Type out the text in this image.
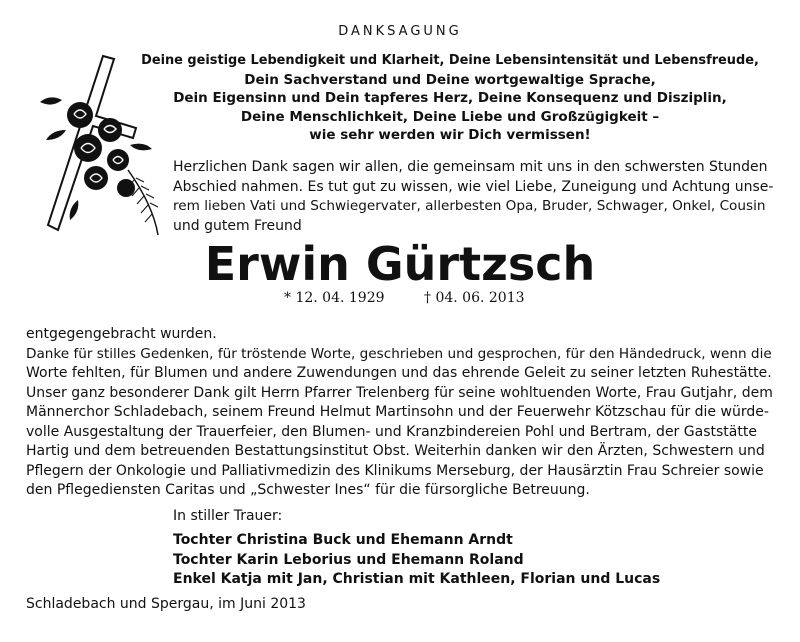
DANKSAGUNG
Deine geistige Lebendigkeit und Klarheit, Deine Lebensintensität und Lebensfreude,
Dein Sachverstand und Deine wortgewaltige Sprache,
Dein Eigensinn und Dein tapferes Herz, Deine Konsequenz und Disziplin,
Deine Menschlichkeit, Deine Liebe und Großzügigkeit –
wie sehr werden wir Dich vermissen!
Herzlichen Dank sagen wir allen, die gemeinsam mit uns in den schwersten Stunden
Abschied nahmen. Es tut gut zu wissen, wie viel Liebe, Zuneigung und Achtung unse-
rem lieben Vati und Schwiegervater, allerbesten Opa, Bruder, Schwager, Onkel, Cousin
und gutem Freund
Erwin Gürtzsch
* 12. 04. 1929	† 04. 06. 2013
entgegengebracht wurden.
Danke für stilles Gedenken, für tröstende Worte, geschrieben und gesprochen, für den Händedruck, wenn die
Worte fehlten, für Blumen und andere Zuwendungen und das ehrende Geleit zu seiner letzten Ruhestätte.
Unser ganz besonderer Dank gilt Herrn Pfarrer Trelenberg für seine wohltuenden Worte, Frau Gutjahr, dem
Männerchor Schladebach, seinem Freund Helmut Martinsohn und der Feuerwehr Kötzschau für die würde-
volle Ausgestaltung der Trauerfeier, den Blumen- und Kranzbindereien Pohl und Bertram, der Gaststätte
Hartig und dem betreuenden Bestattungsinstitut Obst. Weiterhin danken wir den Ärzten, Schwestern und
Pflegern der Onkologie und Palliativmedizin des Klinikums Merseburg, der Hausärztin Frau Schreier sowie
den Pflegediensten Caritas und „Schwester Ines“ für die fürsorgliche Betreuung.
In stiller Trauer:
Tochter Christina Buck und Ehemann Arndt
Tochter Karin Leborius und Ehemann Roland
Enkel Katja mit Jan, Christian mit Kathleen, Florian und Lucas
Schladebach und Spergau, im Juni 2013
